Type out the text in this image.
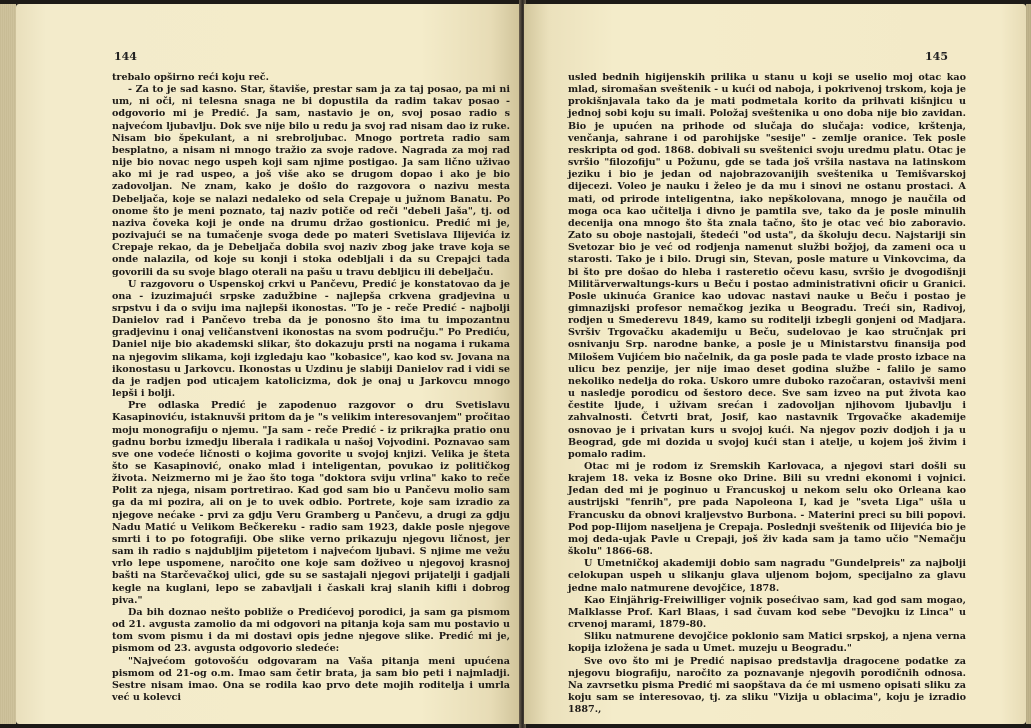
144

trebalo opširno reći koju reč.

- Za to je sad kasno. Star, štaviše, prestar sam ja za taj posao, pa mi ni um, ni oči, ni telesna snaga ne bi dopustila da radim takav posao - odgovorio mi je Predić. Ja sam, nastavio je on, svoj posao radio s najvećom ljubavlju. Dok sve nije bilo u redu ja svoj rad nisam dao iz ruke. Nisam bio špekulant, a ni srebroljubac. Mnogo portreta radio sam besplatno, a nisam ni mnogo tražio za svoje radove. Nagrada za moj rad nije bio novac nego uspeh koji sam njime postigao. Ja sam lično uživao ako mi je rad uspeo, a još više ako se drugom dopao i ako je bio zadovoljan. Ne znam, kako je došlo do razgovora o nazivu mesta Debeljača, koje se nalazi nedaleko od sela Crepaje u južnom Banatu. Po onome što je meni poznato, taj naziv potiče od reči "debeli Jaša", tj. od naziva čoveka koji je onde na drumu držao gostionicu. Predić mi je, pozivajući se na tumačenje svoga dede po materi Svetislava Ilijevića iz Crepaje rekao, da je Debeljača dobila svoj naziv zbog jake trave koja se onde nalazila, od koje su konji i stoka odebljali i da su Crepajci tada govorili da su svoje blago oterali na pašu u travu debljicu ili debeljaču.

U razgovoru o Uspenskoj crkvi u Pančevu, Predić je konstatovao da je ona - izuzimajući srpske zadužbine - najlepša crkvena gradjevina u srpstvu i da o sviju ima najlepši ikonostas. "To je - reče Predić - najbolji Danielov rad i Pančevo treba da je ponosno što ima tu impozantnu gradjevinu i onaj veličanstveni ikonostas na svom području." Po Prediću, Daniel nije bio akademski slikar, što dokazuju prsti na nogama i rukama na njegovim slikama, koji izgledaju kao "kobasice", kao kod sv. Jovana na ikonostasu u Jarkovcu. Ikonostas u Uzdinu je slabiji Danielov rad i vidi se da je radjen pod uticajem katolicizma, dok je onaj u Jarkovcu mnogo lepši i bolji.

Pre odlaska Predić je zapodenuo razgovor o dru Svetislavu Kasapinoviću, istaknuvši pritom da je "s velikim interesovanjem" pročitao moju monografiju o njemu. "Ja sam - reče Predić - iz prikrajka pratio onu gadnu borbu izmedju liberala i radikala u našoj Vojvodini. Poznavao sam sve one vodeće ličnosti o kojima govorite u svojoj knjizi. Velika je šteta što se Kasapinović, onako mlad i inteligentan, povukao iz političkog života. Neizmerno mi je žao što toga "doktora sviju vrlina" kako to reče Polit za njega, nisam portretirao. Kad god sam bio u Pančevu molio sam ga da mi pozira, ali on je to uvek odbio. Portrete, koje sam izradio za njegove nećake - prvi za gdju Veru Gramberg u Pančevu, a drugi za gdju Nadu Matić u Velikom Bečkereku - radio sam 1923, dakle posle njegove smrti i to po fotografiji. Obe slike verno prikazuju njegovu ličnost, jer sam ih radio s najdubljim pijetetom i najvećom ljubavi. S njime me vežu vrlo lepe uspomene, naročito one koje sam doživeo u njegovoj krasnoj bašti na Starčevačkoj ulici, gde su se sastajali njegovi prijatelji i gadjali kegle na kuglani, lepo se zabavljali i časkali kraj slanih kifli i dobrog piva."

Da bih doznao nešto pobliže o Predićevoj porodici, ja sam ga pismom od 21. avgusta zamolio da mi odgovori na pitanja koja sam mu postavio u tom svom pismu i da mi dostavi opis jedne njegove slike. Predić mi je, pismom od 23. avgusta odgovorio sledeće:

"Najvećom gotovošću odgovaram na Vaša pitanja meni upućena pismom od 21-og o.m. Imao sam četir brata, ja sam bio peti i najmladji. Sestre nisam imao. Ona se rodila kao prvo dete mojih roditelja i umrla već u kolevci

145

usled bednih higijenskih prilika u stanu u koji se uselio moj otac kao mlad, siromašan sveštenik - u kući od naboja, i pokrivenoj trskom, koja je prokišnjavala tako da je mati podmetala korito da prihvati kišnjicu u jednoj sobi koju su imali. Položaj sveštenika u ono doba nije bio zavidan. Bio je upućen na prihode od slučaja do slučaja: vodice, krštenja, venčanja, sahrane i od parohijske "sesije" - zemlje oranice. Tek posle reskripta od god. 1868. dobivali su sveštenici svoju uredmu platu. Otac je svršio "filozofiju" u Požunu, gde se tada još vršila nastava na latinskom jeziku i bio je jedan od najobrazovanijih sveštenika u Temišvarskoj dijecezi. Voleo je nauku i želeo je da mu i sinovi ne ostanu prostaci. A mati, od prirode inteligentna, iako nepškolovana, mnogo je naučila od moga oca kao učitelja i divno je pamtila sve, tako da je posle minulih decenija ona mnogo što šta znala tačno, što je otac već bio zaboravio. Zato su oboje nastojali, štedeći "od usta", da školuju decu. Najstariji sin Svetozar bio je već od rodjenja namenut službi božjoj, da zameni oca u starosti. Tako je i bilo. Drugi sin, Stevan, posle mature u Vinkovcima, da bi što pre došao do hleba i rasteretio očevu kasu, svršio je dvogodišnji Militärverwaltungs-kurs u Beču i postao administrativni oficir u Granici. Posle ukinuća Granice kao udovac nastavi nauke u Beču i postao je gimnazijski profesor nemačkog jezika u Beogradu. Treći sin, Radivoj, rodjen u Smederevu 1849, kamo su roditelji izbegli gonjeni od Madjara. Svršiv Trgovačku akademiju u Beču, sudelovao je kao stručnjak pri osnivanju Srp. narodne banke, a posle je u Ministarstvu finansija pod Milošem Vujićem bio načelnik, da ga posle pada te vlade prosto izbace na ulicu bez penzije, jer nije imao deset godina službe - falilo je samo nekoliko nedelja do roka. Uskoro umre duboko razočaran, ostavivši meni u nasledje porodicu od šestoro dece. Sve sam izveo na put života kao čestite ljude, i uživam srećan i zadovoljan njihovom ljubavlju i zahvalnosti. Četvrti brat, Josif, kao nastavnik Trgovačke akademije osnovao je i privatan kurs u svojoj kući. Na njegov poziv dodjoh i ja u Beograd, gde mi dozida u svojoj kući stan i atelje, u kojem još živim i pomalo radim.

Otac mi je rodom iz Sremskih Karlovaca, a njegovi stari došli su krajem 18. veka iz Bosne oko Drine. Bili su vredni ekonomi i vojnici. Jedan ded mi je poginuo u Francuskoj u nekom selu oko Orleana kao austrijski "fenrih", pre pada Napoleona I, kad je "sveta Liga" ušla u Francusku da obnovi kraljevstvo Burbona. - Materini preci su bili popovi. Pod pop-Ilijom naseljena je Crepaja. Poslednji sveštenik od Ilijevića bio je moj deda-ujak Pavle u Crepaji, još živ kada sam ja tamo učio "Nemačju školu" 1866-68.

U Umetničkoj akademiji dobio sam nagradu "Gundelpreis" za najbolji celokupan uspeh u slikanju glava uljenom bojom, specijalno za glavu jedne malo natmurene devojčice, 1878.

Kao Einjährig-Freiwilliger vojnik posećivao sam, kad god sam mogao, Malklasse Prof. Karl Blaas, i sad čuvam kod sebe "Devojku iz Linca" u crvenoj marami, 1879-80.

Sliku natmurene devojčice poklonio sam Matici srpskoj, a njena verna kopija izložena je sada u Umet. muzeju u Beogradu."

Sve ovo što mi je Predić napisao predstavlja dragocene podatke za njegovu biografiju, naročito za poznavanje njegovih porodičnih odnosa. Na zavrsetku pisma Predić mi saopštava da će mi usmeno opisati sliku za koju sam se interesovao, tj. za sliku "Vizija u oblacima", koju je izradio 1887.,
